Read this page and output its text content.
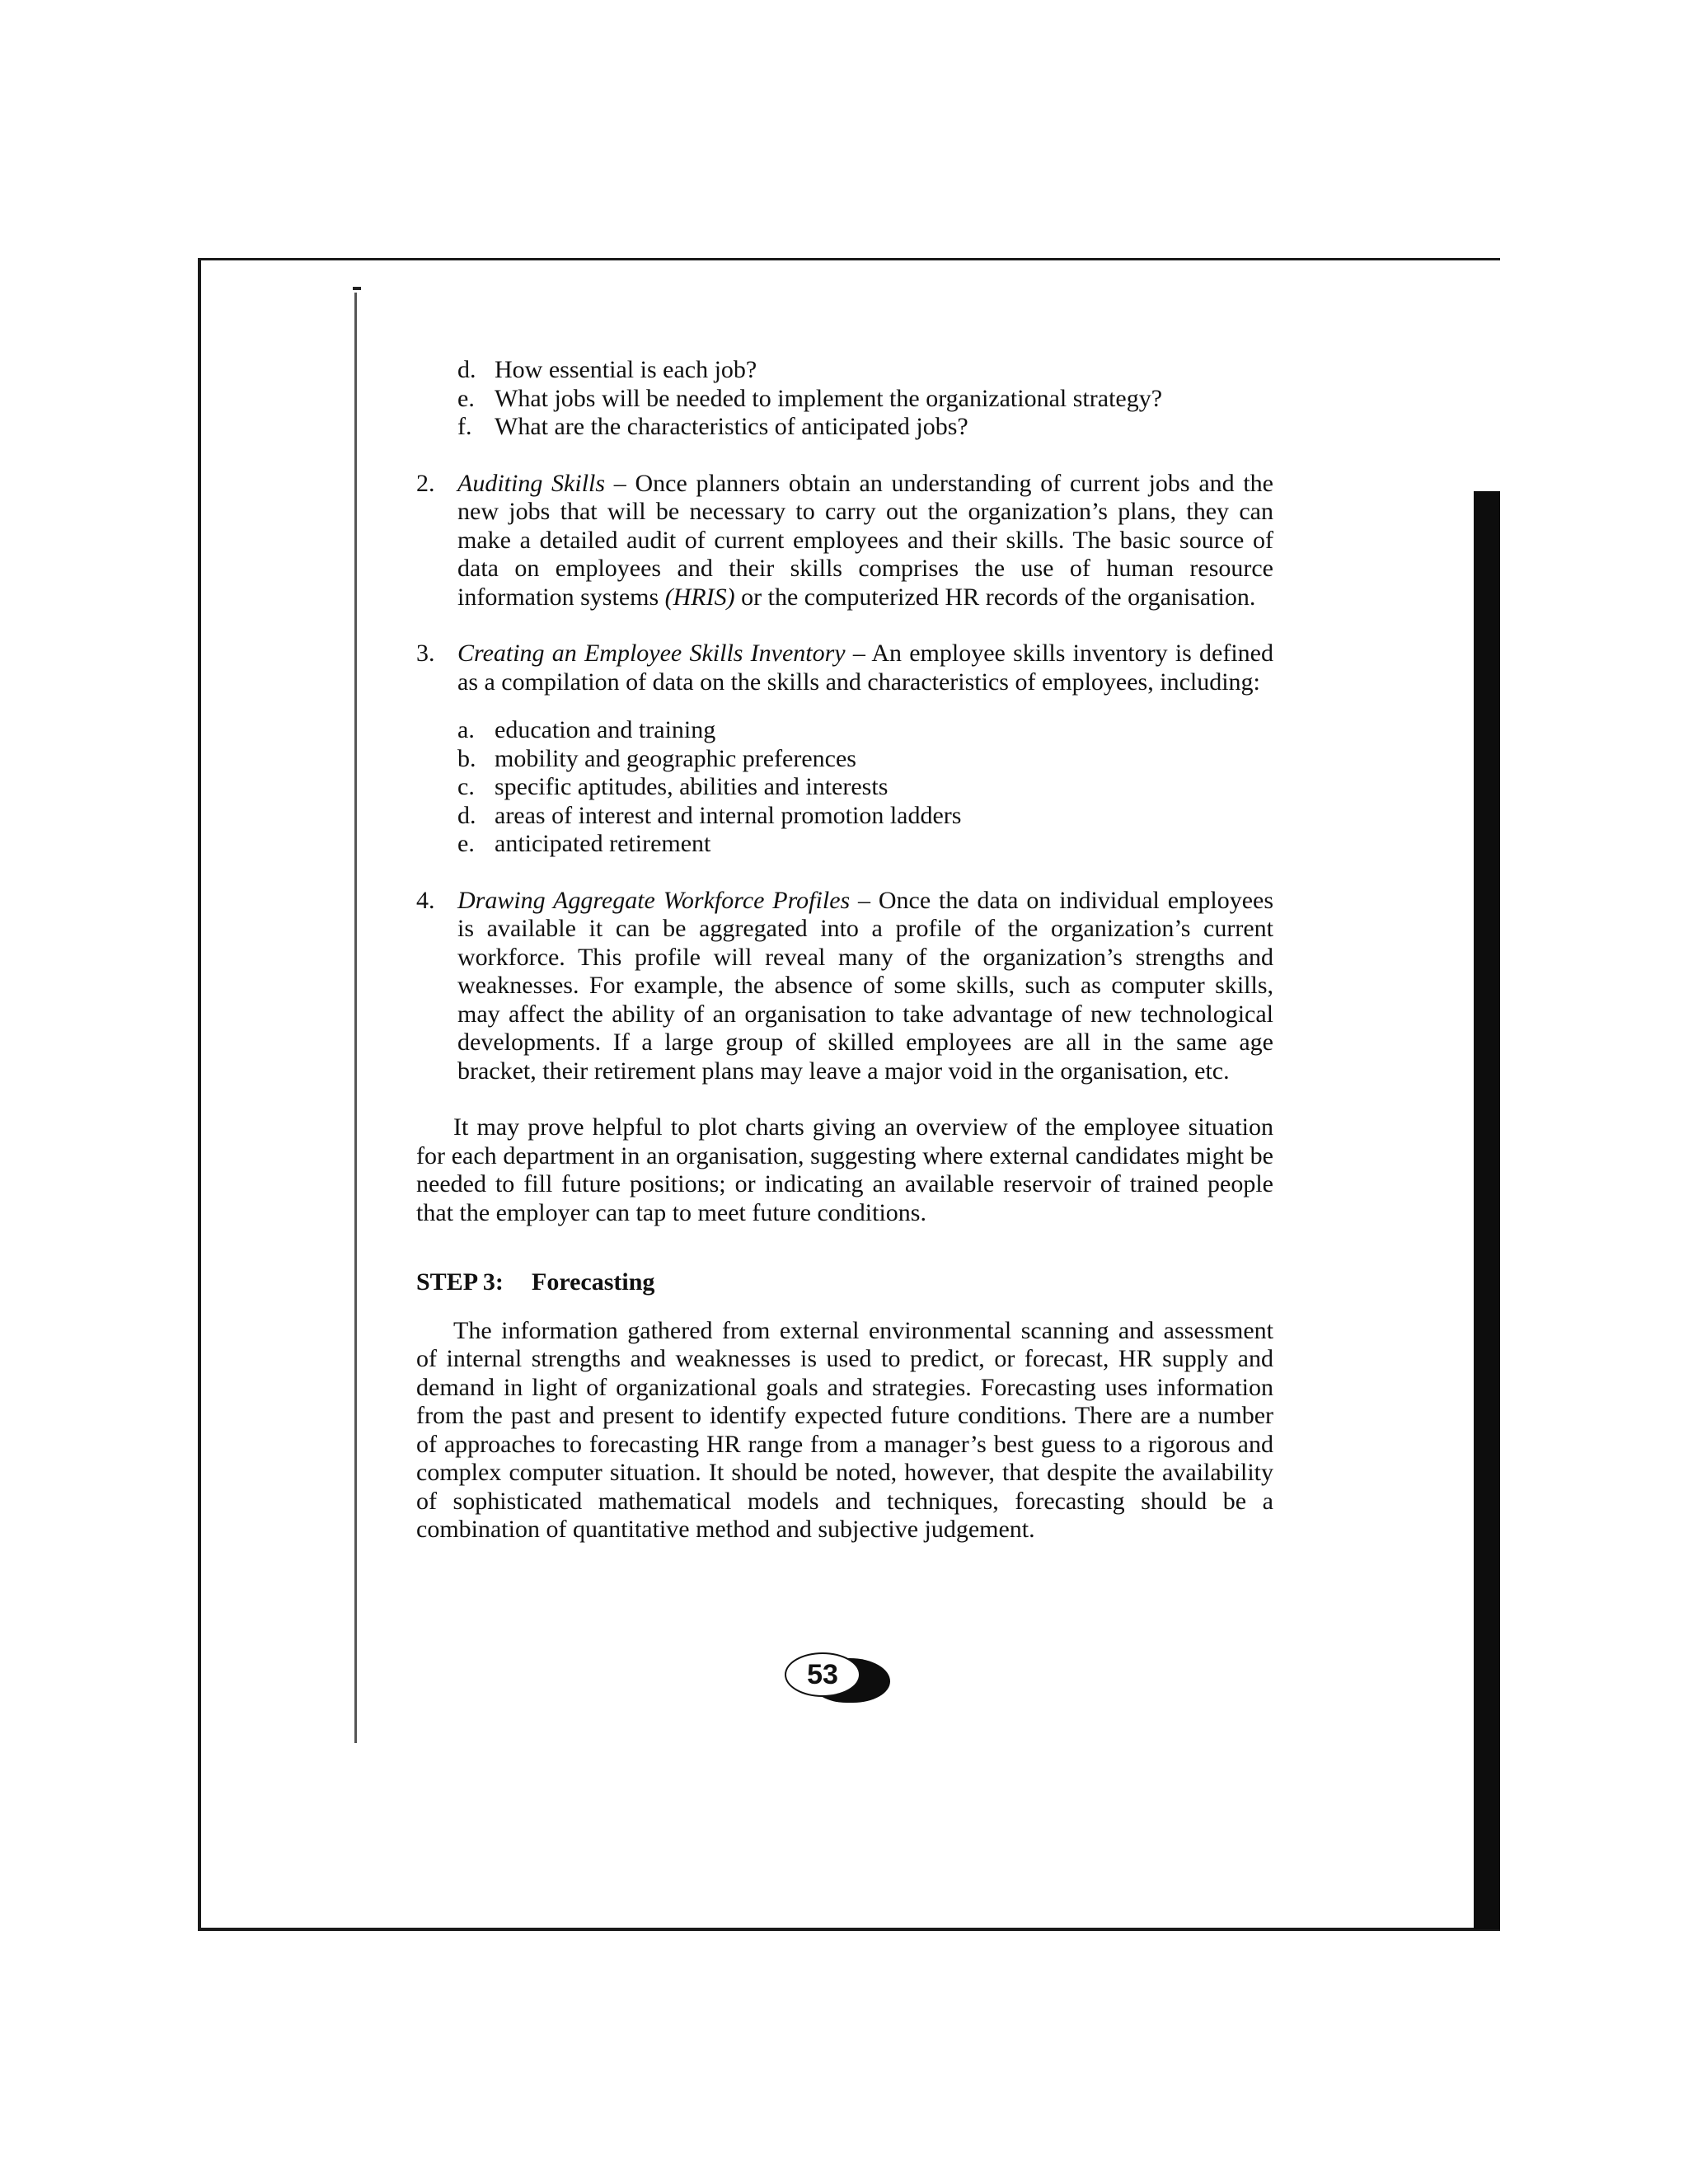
d. How essential is each job?
e. What jobs will be needed to implement the organizational strategy?
f. What are the characteristics of anticipated jobs?
2. Auditing Skills – Once planners obtain an understanding of current jobs and the new jobs that will be necessary to carry out the organization’s plans, they can make a detailed audit of current employees and their skills. The basic source of data on employees and their skills comprises the use of human resource information systems (HRIS) or the computerized HR records of the organisation.
3. Creating an Employee Skills Inventory – An employee skills inventory is defined as a compilation of data on the skills and characteristics of employees, including:
a. education and training
b. mobility and geographic preferences
c. specific aptitudes, abilities and interests
d. areas of interest and internal promotion ladders
e. anticipated retirement
4. Drawing Aggregate Workforce Profiles – Once the data on individual employees is available it can be aggregated into a profile of the organization’s current workforce. This profile will reveal many of the organization’s strengths and weaknesses. For example, the absence of some skills, such as computer skills, may affect the ability of an organisation to take advantage of new technological developments. If a large group of skilled employees are all in the same age bracket, their retirement plans may leave a major void in the organisation, etc.

It may prove helpful to plot charts giving an overview of the employee situation for each department in an organisation, suggesting where external candidates might be needed to fill future positions; or indicating an available reservoir of trained people that the employer can tap to meet future conditions.

STEP 3:	Forecasting

The information gathered from external environmental scanning and assessment of internal strengths and weaknesses is used to predict, or forecast, HR supply and demand in light of organizational goals and strategies. Forecasting uses information from the past and present to identify expected future conditions. There are a number of approaches to forecasting HR range from a manager’s best guess to a rigorous and complex computer situation. It should be noted, however, that despite the availability of sophisticated mathematical models and techniques, forecasting should be a combination of quantitative method and subjective judgement.

53
